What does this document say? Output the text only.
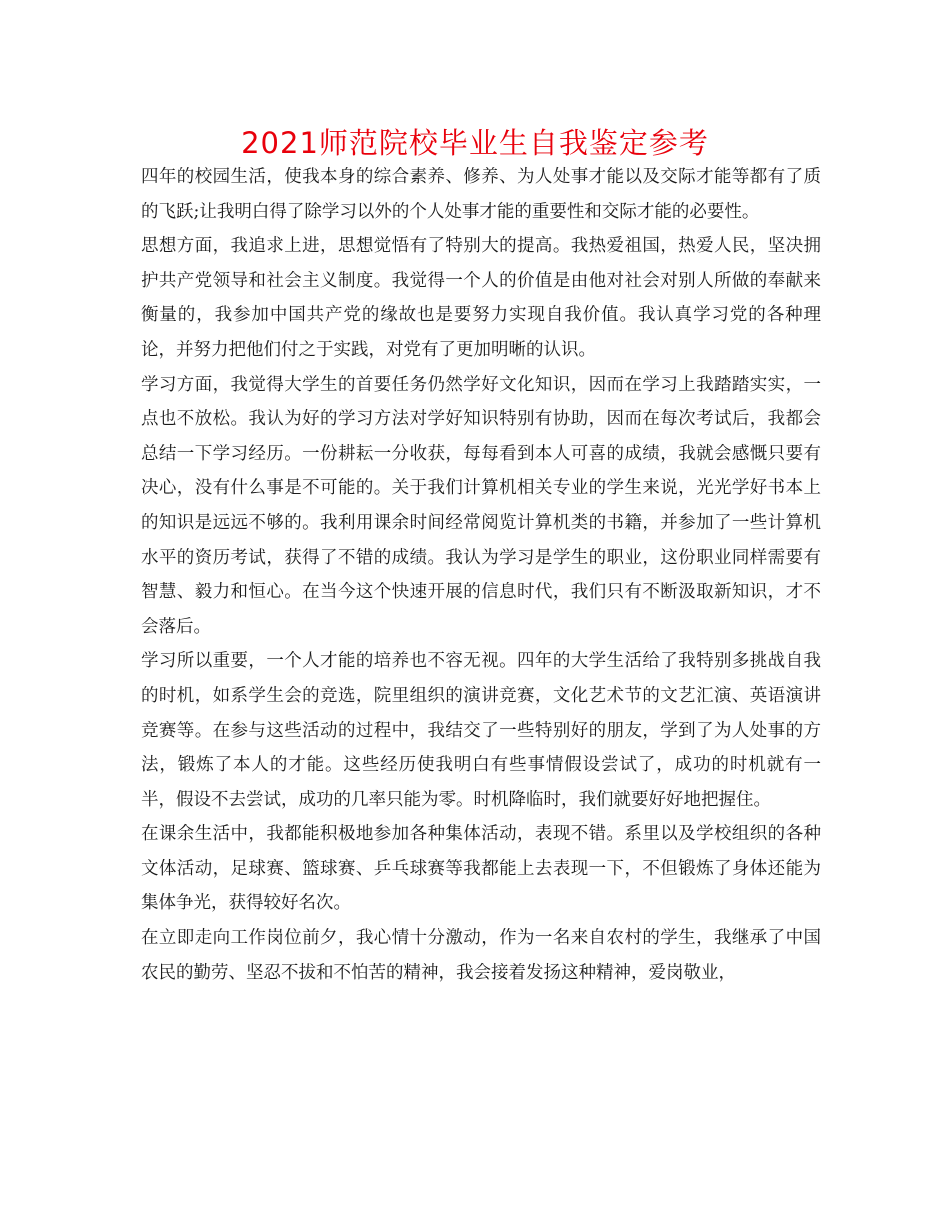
2021师范院校毕业生自我鉴定参考

四年的校园生活，使我本身的综合素养、修养、为人处事才能以及交际才能等都有了质的飞跃;让我明白得了除学习以外的个人处事才能的重要性和交际才能的必要性。

思想方面，我追求上进，思想觉悟有了特别大的提高。我热爱祖国，热爱人民，坚决拥护共产党领导和社会主义制度。我觉得一个人的价值是由他对社会对别人所做的奉献来衡量的，我参加中国共产党的缘故也是要努力实现自我价值。我认真学习党的各种理论，并努力把他们付之于实践，对党有了更加明晰的认识。

学习方面，我觉得大学生的首要任务仍然学好文化知识，因而在学习上我踏踏实实，一点也不放松。我认为好的学习方法对学好知识特别有协助，因而在每次考试后，我都会总结一下学习经历。一份耕耘一分收获，每每看到本人可喜的成绩，我就会感慨只要有决心，没有什么事是不可能的。关于我们计算机相关专业的学生来说，光光学好书本上的知识是远远不够的。我利用课余时间经常阅览计算机类的书籍，并参加了一些计算机水平的资历考试，获得了不错的成绩。我认为学习是学生的职业，这份职业同样需要有智慧、毅力和恒心。在当今这个快速开展的信息时代，我们只有不断汲取新知识，才不会落后。

学习所以重要，一个人才能的培养也不容无视。四年的大学生活给了我特别多挑战自我的时机，如系学生会的竞选，院里组织的演讲竞赛，文化艺术节的文艺汇演、英语演讲竞赛等。在参与这些活动的过程中，我结交了一些特别好的朋友，学到了为人处事的方法，锻炼了本人的才能。这些经历使我明白有些事情假设尝试了，成功的时机就有一半，假设不去尝试，成功的几率只能为零。时机降临时，我们就要好好地把握住。

在课余生活中，我都能积极地参加各种集体活动，表现不错。系里以及学校组织的各种文体活动，足球赛、篮球赛、乒乓球赛等我都能上去表现一下，不但锻炼了身体还能为集体争光，获得较好名次。

在立即走向工作岗位前夕，我心情十分激动，作为一名来自农村的学生，我继承了中国农民的勤劳、坚忍不拔和不怕苦的精神，我会接着发扬这种精神，爱岗敬业，
